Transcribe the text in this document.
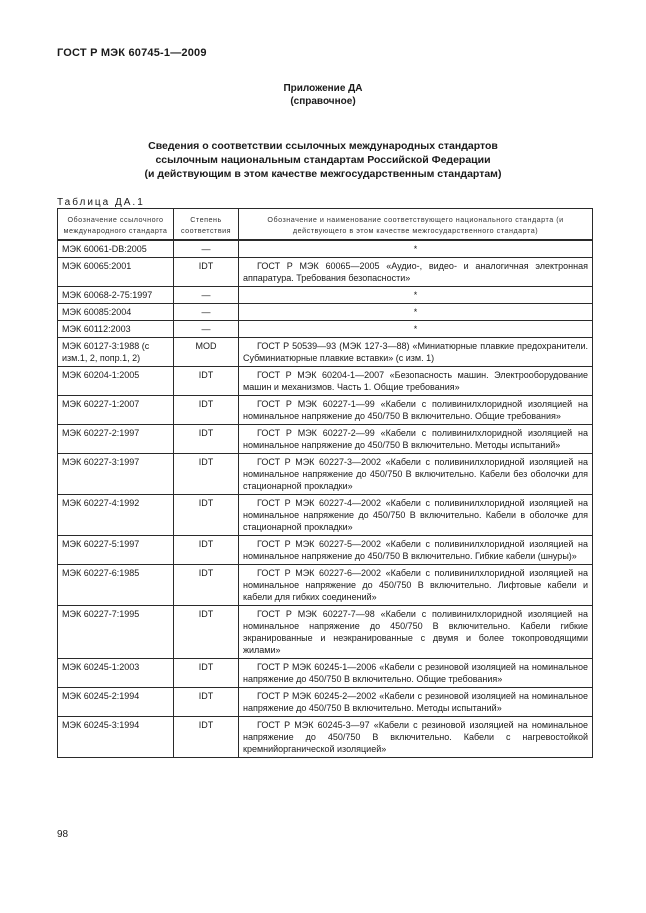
ГОСТ Р МЭК 60745-1—2009
Приложение ДА
(справочное)
Сведения о соответствии ссылочных международных стандартов
ссылочным национальным стандартам Российской Федерации
(и действующим в этом качестве межгосударственным стандартам)
Таблица ДА.1
Обозначение ссылочного международного стандарта	Степень соответствия	Обозначение и наименование соответствующего национального стандарта (и действующего в этом качестве межгосударственного стандарта)
МЭК 60061-DB:2005	—	*
МЭК 60065:2001	IDT	ГОСТ Р МЭК 60065—2005 «Аудио-, видео- и аналогичная электронная аппаратура. Требования безопасности»
МЭК 60068-2-75:1997	—	*
МЭК 60085:2004	—	*
МЭК 60112:2003	—	*
МЭК 60127-3:1988 (с изм.1, 2, попр.1, 2)	MOD	ГОСТ Р 50539—93 (МЭК 127-3—88) «Миниатюрные плавкие предохранители. Субминиатюрные плавкие вставки» (с изм. 1)
МЭК 60204-1:2005	IDT	ГОСТ Р МЭК 60204-1—2007 «Безопасность машин. Электрооборудование машин и механизмов. Часть 1. Общие требования»
МЭК 60227-1:2007	IDT	ГОСТ Р МЭК 60227-1—99 «Кабели с поливинилхлоридной изоляцией на номинальное напряжение до 450/750 В включительно. Общие требования»
МЭК 60227-2:1997	IDT	ГОСТ Р МЭК 60227-2—99 «Кабели с поливинилхлоридной изоляцией на номинальное напряжение до 450/750 В включительно. Методы испытаний»
МЭК 60227-3:1997	IDT	ГОСТ Р МЭК 60227-3—2002 «Кабели с поливинилхлоридной изоляцией на номинальное напряжение до 450/750 В включительно. Кабели без оболочки для стационарной прокладки»
МЭК 60227-4:1992	IDT	ГОСТ Р МЭК 60227-4—2002 «Кабели с поливинилхлоридной изоляцией на номинальное напряжение до 450/750 В включительно. Кабели в оболочке для стационарной прокладки»
МЭК 60227-5:1997	IDT	ГОСТ Р МЭК 60227-5—2002 «Кабели с поливинилхлоридной изоляцией на номинальное напряжение до 450/750 В включительно. Гибкие кабели (шнуры)»
МЭК 60227-6:1985	IDT	ГОСТ Р МЭК 60227-6—2002 «Кабели с поливинилхлоридной изоляцией на номинальное напряжение до 450/750 В включительно. Лифтовые кабели и кабели для гибких соединений»
МЭК 60227-7:1995	IDT	ГОСТ Р МЭК 60227-7—98 «Кабели с поливинилхлоридной изоляцией на номинальное напряжение до 450/750 В включительно. Кабели гибкие экранированные и неэкранированные с двумя и более токопроводящими жилами»
МЭК 60245-1:2003	IDT	ГОСТ Р МЭК 60245-1—2006 «Кабели с резиновой изоляцией на номинальное напряжение до 450/750 В включительно. Общие требования»
МЭК 60245-2:1994	IDT	ГОСТ Р МЭК 60245-2—2002 «Кабели с резиновой изоляцией на номинальное напряжение до 450/750 В включительно. Методы испытаний»
МЭК 60245-3:1994	IDT	ГОСТ Р МЭК 60245-3—97 «Кабели с резиновой изоляцией на номинальное напряжение до 450/750 В включительно. Кабели с нагревостойкой кремнийорганической изоляцией»
98
